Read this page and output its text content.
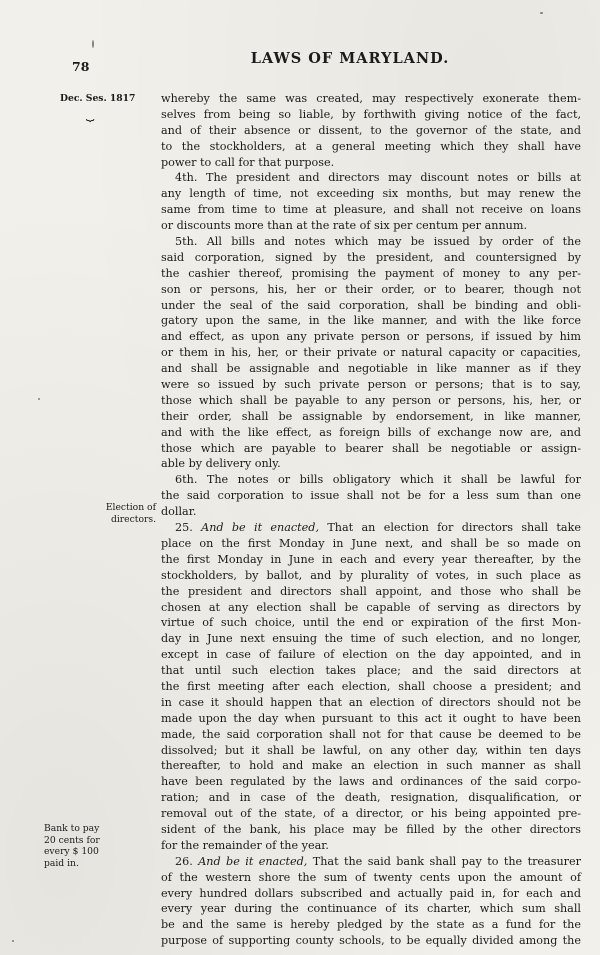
78	LAWS OF MARYLAND.
Dec. Ses. 1817
⏟
Election of
directors.
Bank to pay
20 cents for
every $ 100
paid in.
whereby the same was created, may respectively exonerate them-
selves from being so liable, by forthwith giving notice of the fact,
and of their absence or dissent, to the governor of the state, and
to the stockholders, at a general meeting which they shall have
power to call for that purpose.
4th. The president and directors may discount notes or bills at
any length of time, not exceeding six months, but may renew the
same from time to time at pleasure, and shall not receive on loans
or discounts more than at the rate of six per centum per annum.
5th. All bills and notes which may be issued by order of the
said corporation, signed by the president, and countersigned by
the cashier thereof, promising the payment of money to any per-
son or persons, his, her or their order, or to bearer, though not
under the seal of the said corporation, shall be binding and obli-
gatory upon the same, in the like manner, and with the like force
and effect, as upon any private person or persons, if issued by him
or them in his, her, or their private or natural capacity or capacities,
and shall be assignable and negotiable in like manner as if they
were so issued by such private person or persons; that is to say,
those which shall be payable to any person or persons, his, her, or
their order, shall be assignable by endorsement, in like manner,
and with the like effect, as foreign bills of exchange now are, and
those which are payable to bearer shall be negotiable or assign-
able by delivery only.
6th. The notes or bills obligatory which it shall be lawful for
the said corporation to issue shall not be for a less sum than one
dollar.
25. And be it enacted, That an election for directors shall take
place on the first Monday in June next, and shall be so made on
the first Monday in June in each and every year thereafter, by the
stockholders, by ballot, and by plurality of votes, in such place as
the president and directors shall appoint, and those who shall be
chosen at any election shall be capable of serving as directors by
virtue of such choice, until the end or expiration of the first Mon-
day in June next ensuing the time of such election, and no longer,
except in case of failure of election on the day appointed, and in
that until such election takes place; and the said directors at
the first meeting after each election, shall choose a president; and
in case it should happen that an election of directors should not be
made upon the day when pursuant to this act it ought to have been
made, the said corporation shall not for that cause be deemed to be
dissolved; but it shall be lawful, on any other day, within ten days
thereafter, to hold and make an election in such manner as shall
have been regulated by the laws and ordinances of the said corpo-
ration; and in case of the death, resignation, disqualification, or
removal out of the state, of a director, or his being appointed pre-
sident of the bank, his place may be filled by the other directors
for the remainder of the year.
26. And be it enacted, That the said bank shall pay to the treasurer
of the western shore the sum of twenty cents upon the amount of
every hundred dollars subscribed and actually paid in, for each and
every year during the continuance of its charter, which sum shall
be and the same is hereby pledged by the state as a fund for the
purpose of supporting county schools, to be equally divided among the
